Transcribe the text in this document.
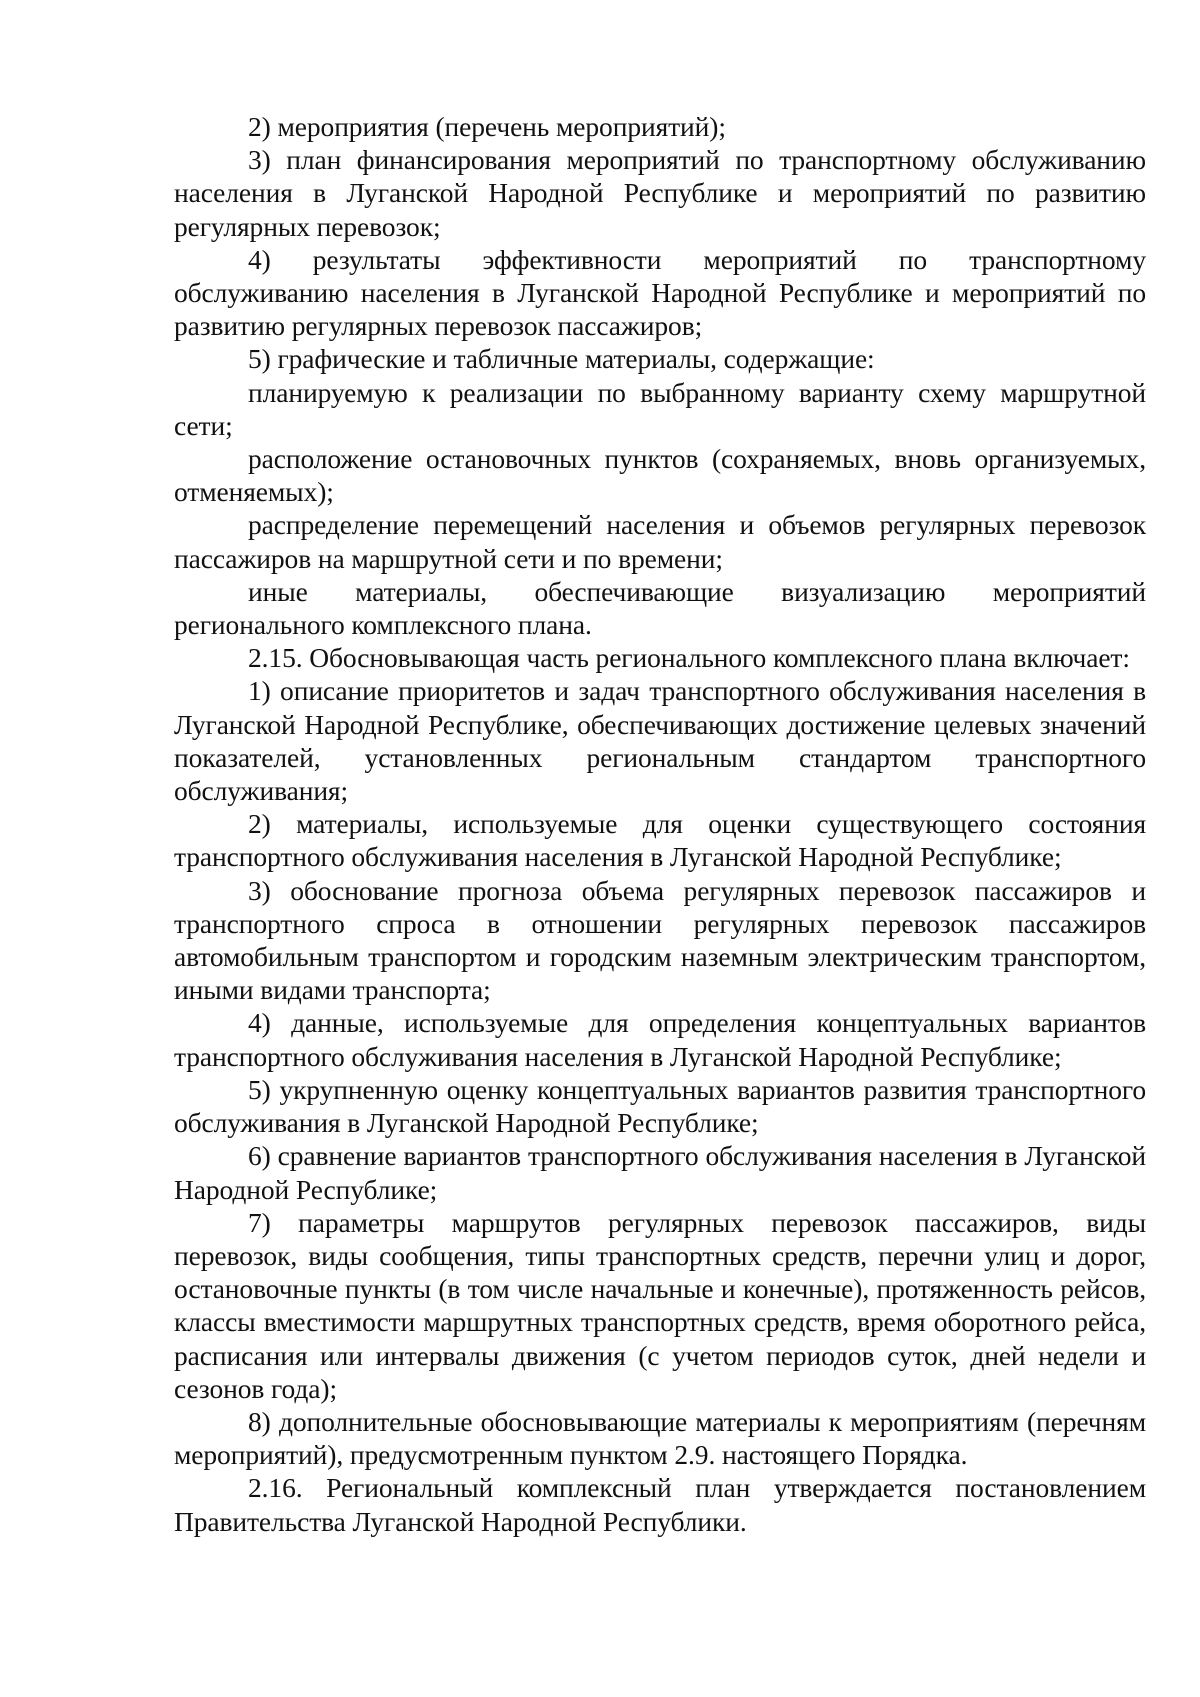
2) мероприятия (перечень мероприятий);

3) план финансирования мероприятий по транспортному обслуживанию населения в Луганской Народной Республике и мероприятий по развитию регулярных перевозок;

4) результаты эффективности мероприятий по транспортному обслуживанию населения в Луганской Народной Республике и мероприятий по развитию регулярных перевозок пассажиров;

5) графические и табличные материалы, содержащие:

планируемую к реализации по выбранному варианту схему маршрутной сети;

расположение остановочных пунктов (сохраняемых, вновь организуемых, отменяемых);

распределение перемещений населения и объемов регулярных перевозок пассажиров на маршрутной сети и по времени;

иные материалы, обеспечивающие визуализацию мероприятий регионального комплексного плана.

2.15. Обосновывающая часть регионального комплексного плана включает:

1) описание приоритетов и задач транспортного обслуживания населения в Луганской Народной Республике, обеспечивающих достижение целевых значений показателей, установленных региональным стандартом транспортного обслуживания;

2) материалы, используемые для оценки существующего состояния транспортного обслуживания населения в Луганской Народной Республике;

3) обоснование прогноза объема регулярных перевозок пассажиров и транспортного спроса в отношении регулярных перевозок пассажиров автомобильным транспортом и городским наземным электрическим транспортом, иными видами транспорта;

4) данные, используемые для определения концептуальных вариантов транспортного обслуживания населения в Луганской Народной Республике;

5) укрупненную оценку концептуальных вариантов развития транспортного обслуживания в Луганской Народной Республике;

6) сравнение вариантов транспортного обслуживания населения в Луганской Народной Республике;

7) параметры маршрутов регулярных перевозок пассажиров, виды перевозок, виды сообщения, типы транспортных средств, перечни улиц и дорог, остановочные пункты (в том числе начальные и конечные), протяженность рейсов, классы вместимости маршрутных транспортных средств, время оборотного рейса, расписания или интервалы движения (с учетом периодов суток, дней недели и сезонов года);

8) дополнительные обосновывающие материалы к мероприятиям (перечням мероприятий), предусмотренным пунктом 2.9. настоящего Порядка.

2.16. Региональный комплексный план утверждается постановлением Правительства Луганской Народной Республики.
